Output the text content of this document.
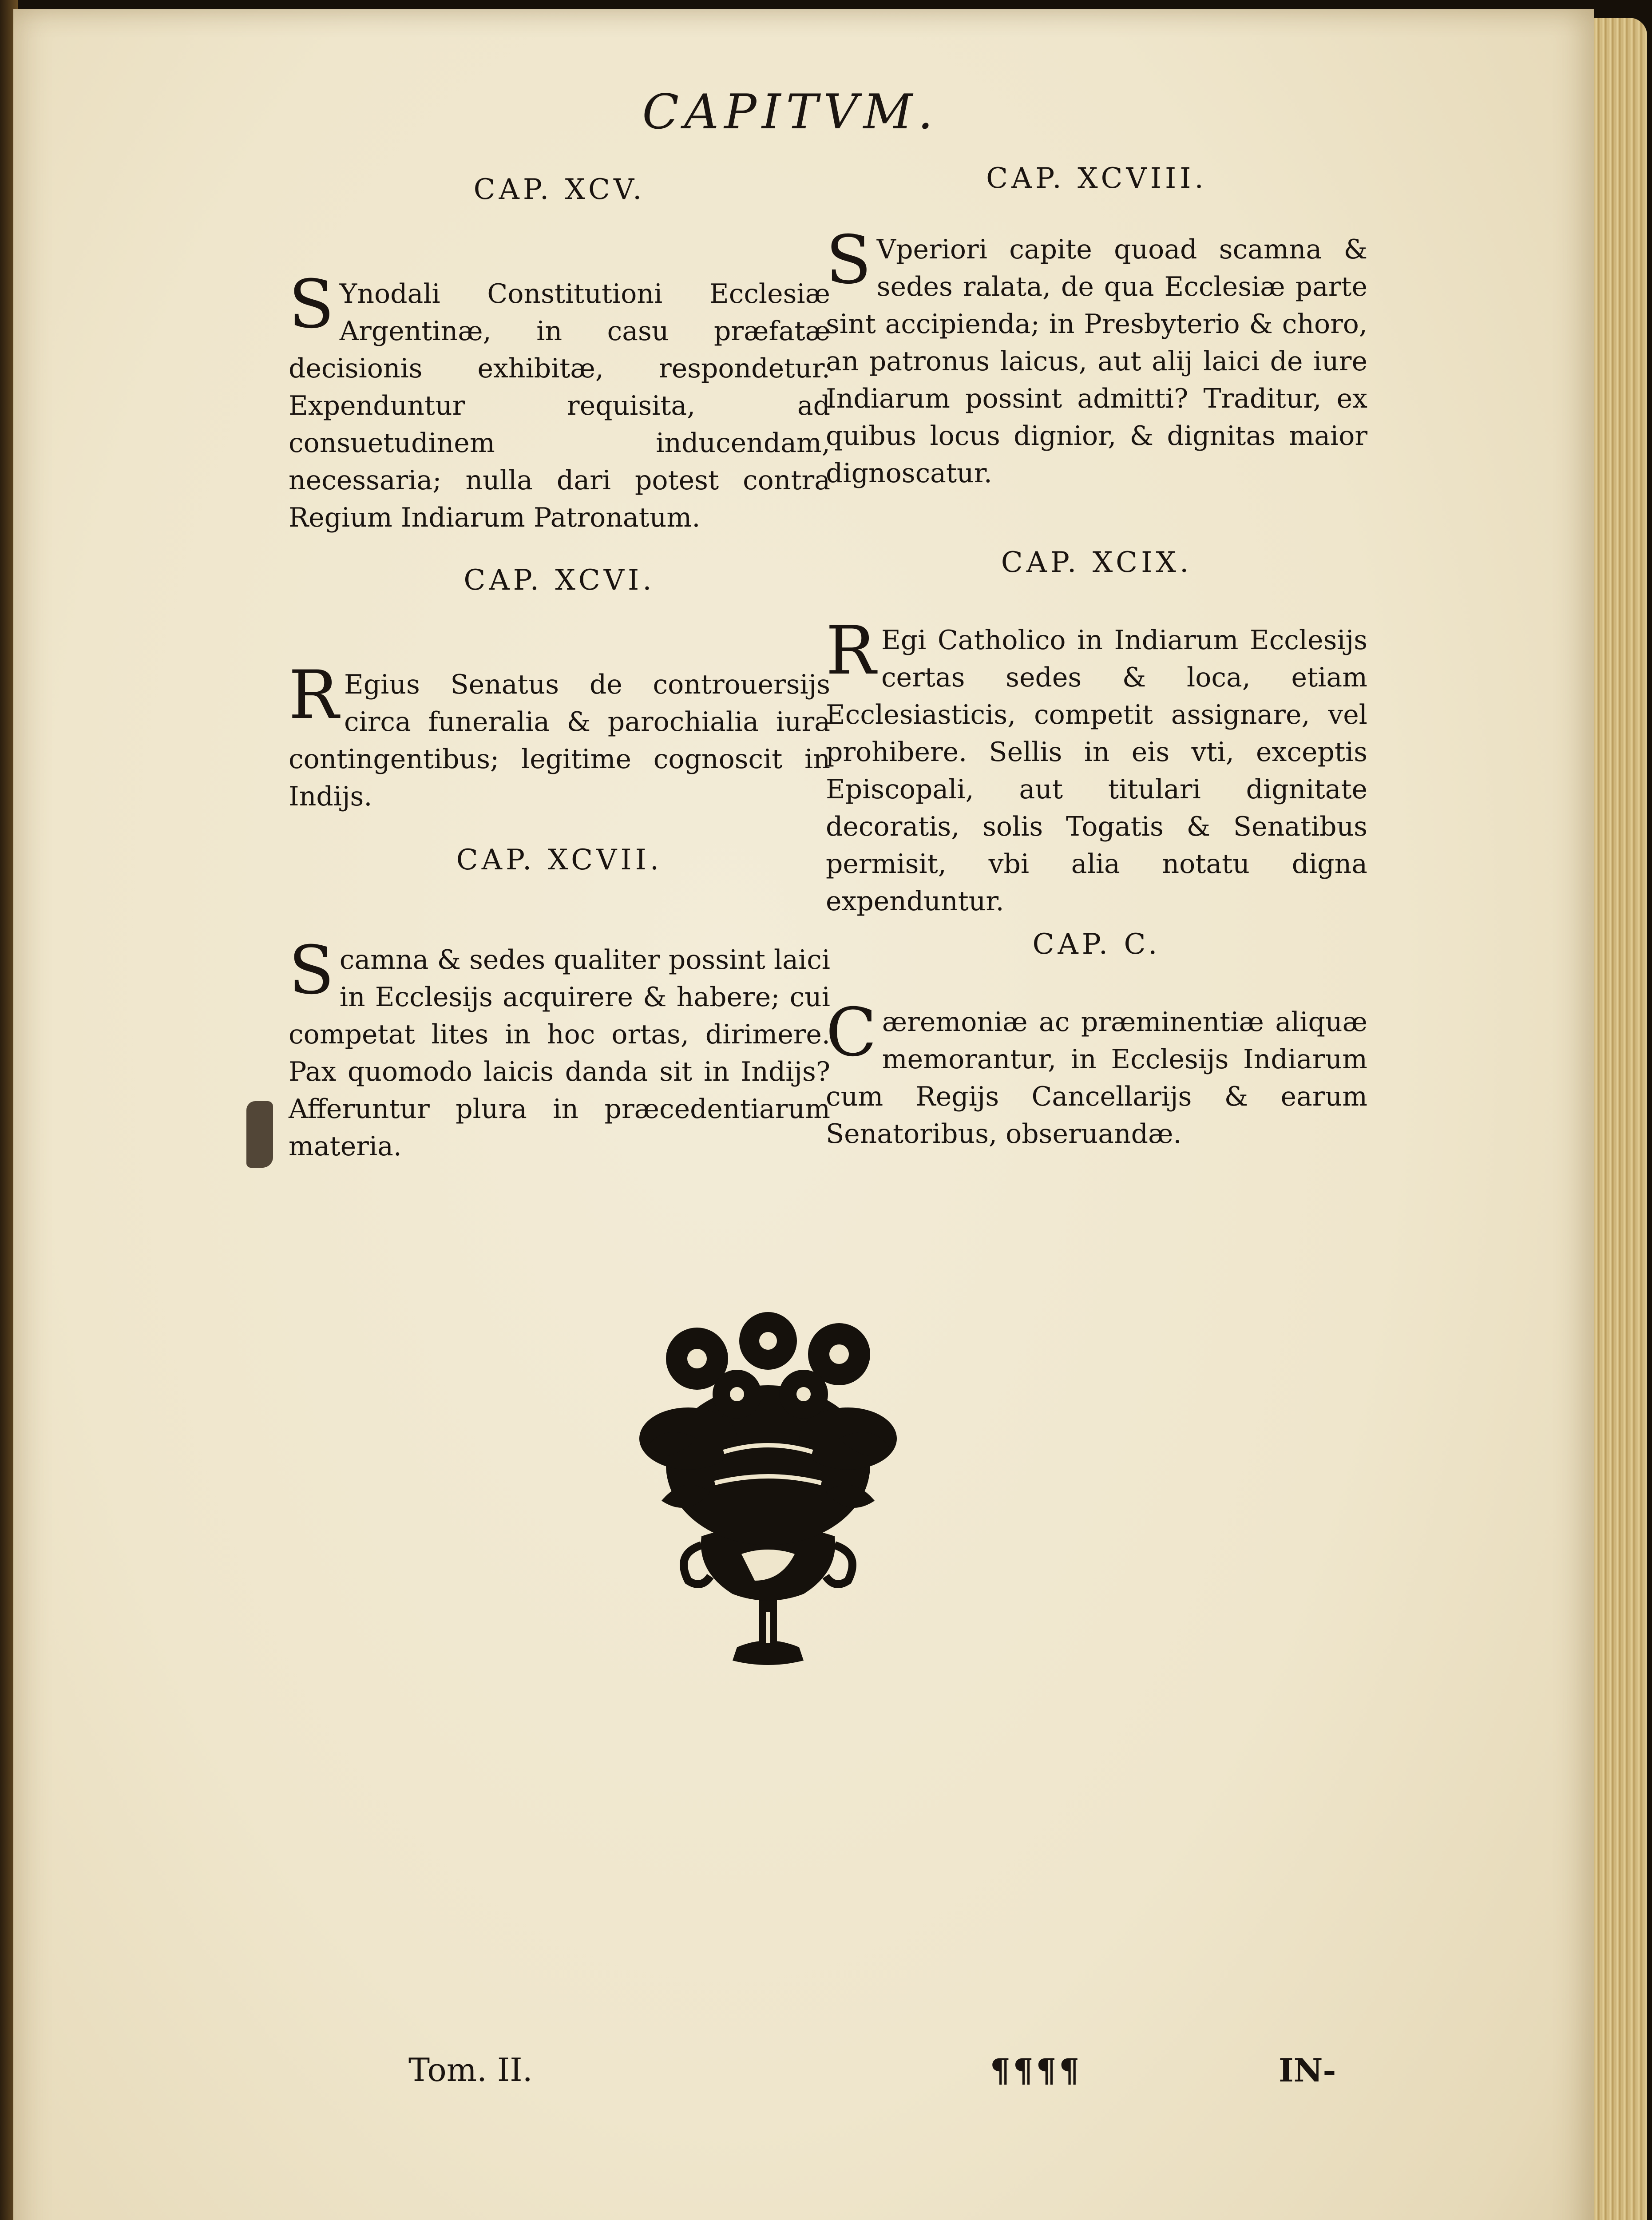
CAPITVM.

CAP. XCV.

S Ynodali Constitutioni Ecclesiæ Argentinæ, in casu præfatæ decisionis exhibitæ, respondetur. Expenduntur requisita, ad consuetudinem inducendam, necessaria; nulla dari potest contra Regium Indiarum Patronatum.

CAP. XCVI.

R Egius Senatus de controuersijs circa funeralia & parochialia iura contingentibus; legitime cognoscit in Indijs.

CAP. XCVII.

Scamna & sedes qualiter possint laici in Ecclesijs acquirere & habere; cui competat lites in hoc ortas, dirimere. Pax quomodo laicis danda sit in Indijs? Afferuntur plura in præcedentiarum materia.

CAP. XCVIII.

S Vperiori capite quoad scamna & sedes ralata, de qua Ecclesiæ parte sint accipienda; in Presbyterio & choro, an patronus laicus, aut alij laici de iure Indiarum possint admitti? Traditur, ex quibus locus dignior, & dignitas maior dignoscatur.

CAP. XCIX.

R Egi Catholico in Indiarum Ecclesijs certas sedes & loca, etiam Ecclesiasticis, competit assignare, vel prohibere. Sellis in eis vti, exceptis Episcopali, aut titulari dignitate decoratis, solis Togatis & Senatibus permisit, vbi alia notatu digna expenduntur.

CAP. C.

Cæremoniæ ac præminentiæ aliquæ memorantur, in Ecclesijs Indiarum cum Regijs Cancellarijs & earum Senatoribus, obseruandæ.

Tom. II.	¶¶¶¶	IN-
